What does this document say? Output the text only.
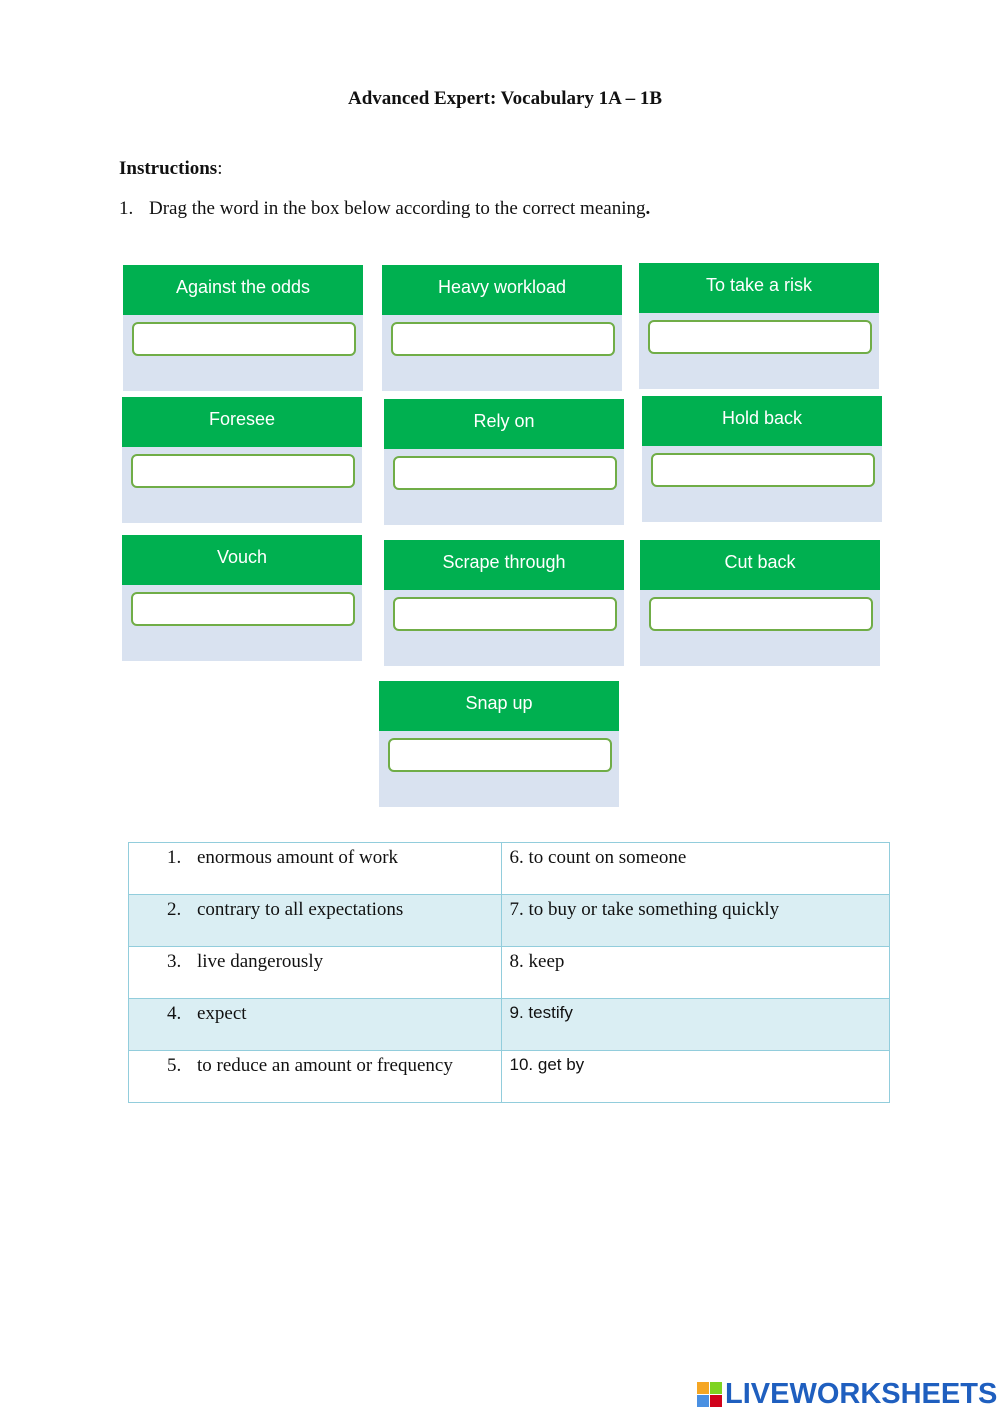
Advanced Expert: Vocabulary 1A – 1B
Instructions:
1. Drag the word in the box below according to the correct meaning.
Against the odds	Heavy workload	To take a risk
Foresee	Rely on	Hold back
Vouch	Scrape through	Cut back
Snap up
1. enormous amount of work	6. to count on someone
2. contrary to all expectations	7. to buy or take something quickly
3. live dangerously	8. keep
4. expect	9. testify
5. to reduce an amount or frequency	10. get by
LIVEWORKSHEETS
